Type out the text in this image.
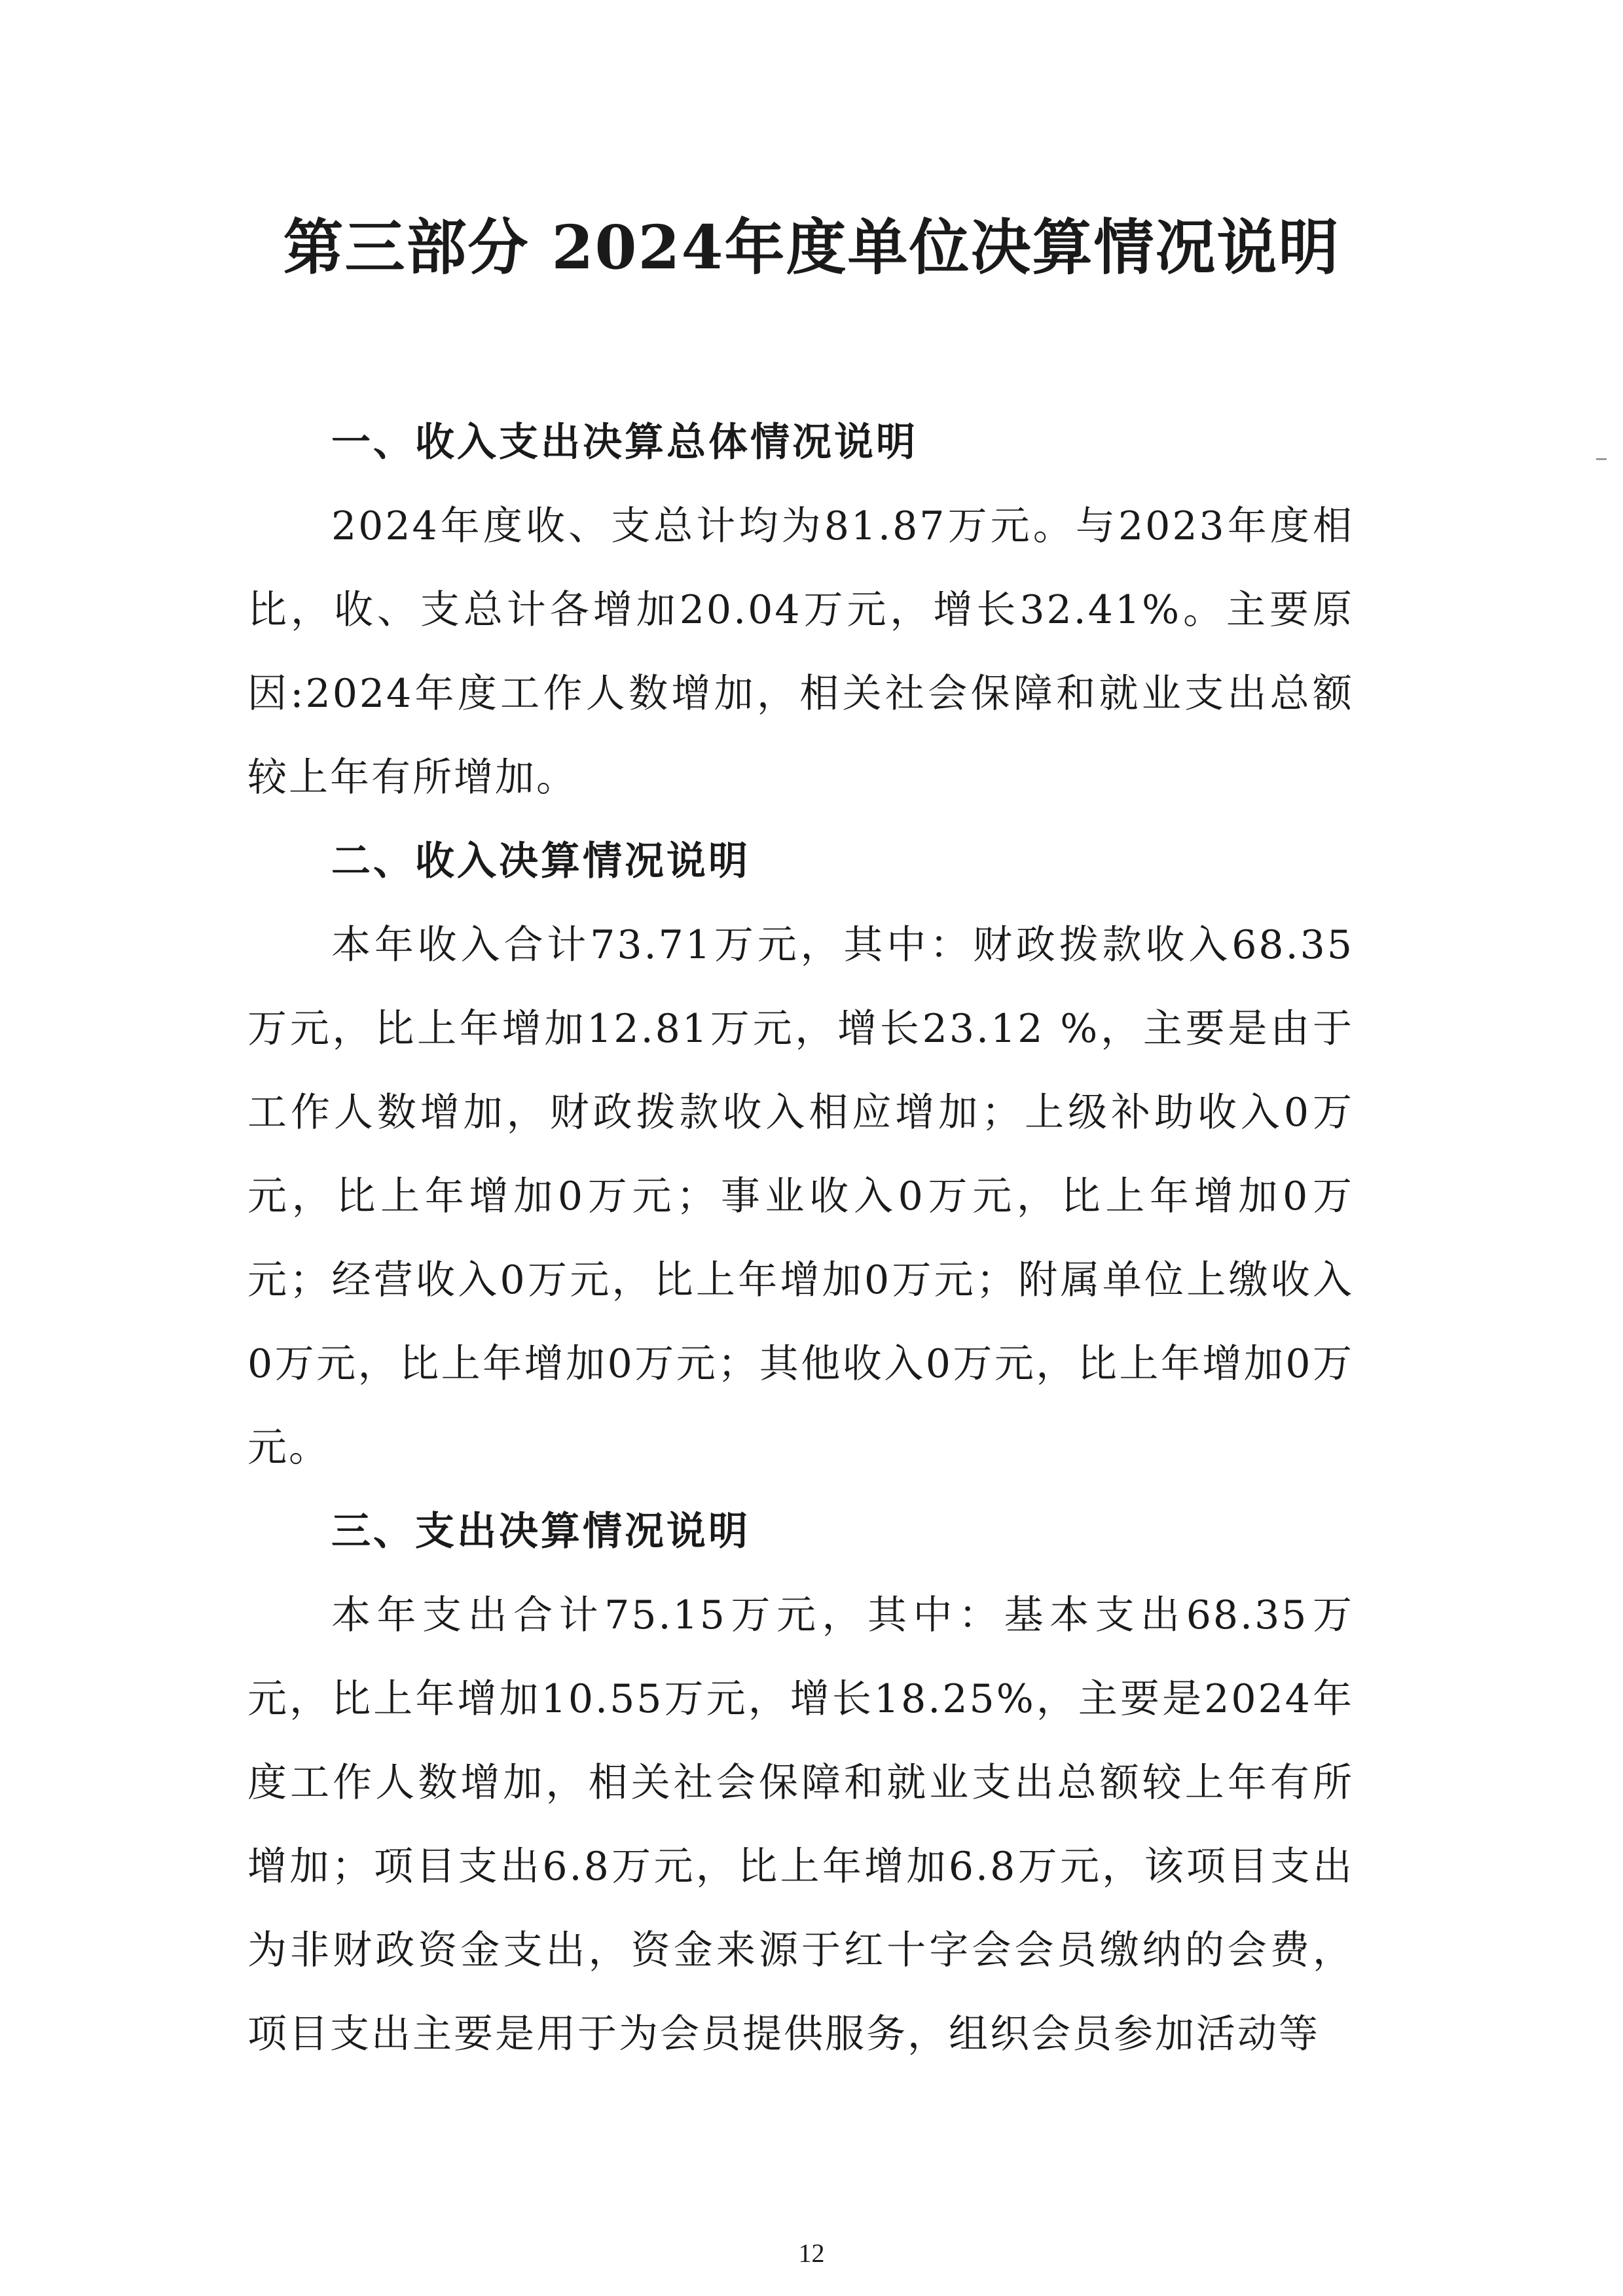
第三部分 2024年度单位决算情况说明
一、收入支出决算总体情况说明

2024年度收、支总计均为81.87万元。与2023年度相比，收、支总计各增加20.04万元，增长32.41%。主要原因:2024年度工作人数增加，相关社会保障和就业支出总额较上年有所增加。

二、收入决算情况说明

本年收入合计73.71万元，其中：财政拨款收入68.35万元，比上年增加12.81万元，增长23.12 %，主要是由于工作人数增加，财政拨款收入相应增加；上级补助收入0万元，比上年增加0万元；事业收入0万元，比上年增加0万元；经营收入0万元，比上年增加0万元；附属单位上缴收入0万元，比上年增加0万元；其他收入0万元，比上年增加0万元。

三、支出决算情况说明

本年支出合计75.15万元，其中：基本支出68.35万元，比上年增加10.55万元，增长18.25%，主要是2024年度工作人数增加，相关社会保障和就业支出总额较上年有所增加；项目支出6.8万元，比上年增加6.8万元，该项目支出为非财政资金支出，资金来源于红十字会会员缴纳的会费，项目支出主要是用于为会员提供服务，组织会员参加活动等

12
